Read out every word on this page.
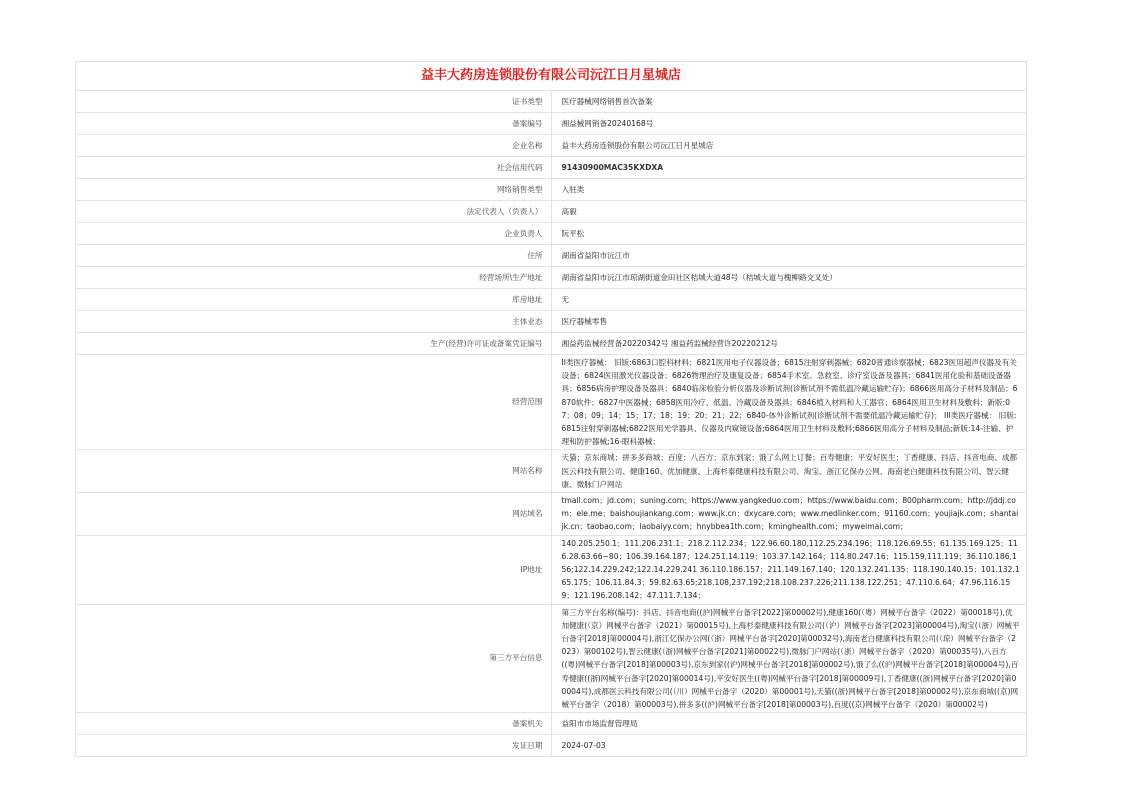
益丰大药房连锁股份有限公司沅江日月星城店	
证书类型	医疗器械网络销售首次备案
备案编号	湘益械网销备20240168号
企业名称	益丰大药房连锁股份有限公司沅江日月星城店
社会信用代码	91430900MAC35KXDXA
网络销售类型	入驻类
法定代表人（负责人）	高毅
企业负责人	阮平松
住所	湖南省益阳市沅江市
经营场所\生产地址	湖南省益阳市沅江市琼湖街道金田社区桔城大道48号（桔城大道与槐柳路交叉处）
库房地址	无
主体业态	医疗器械零售
生产(经营)许可证或备案凭证编号	湘益药监械经营备20220342号 湘益药监械经营许20220212号
经营范围	II类医疗器械： 旧版:6863口腔科材料；6821医用电子仪器设备；6815注射穿刺器械；6820普通诊察器械；6823医用超声仪器及有关设备；6824医用激光仪器设备；6826物理治疗及康复设备；6854手术室、急救室、诊疗室设备及器具；6841医用化验和基础设备器具；6856病房护理设备及器具；6840临床检验分析仪器及诊断试剂(诊断试剂不需低温冷藏运输贮存)；6866医用高分子材料及制品；6870软件；6827中医器械；6858医用冷疗、低温、冷藏设备及器具；6846植入材料和人工器官；6864医用卫生材料及敷料；新版:07；08；09；14；15；17；18；19；20；21；22；6840-体外诊断试剂(诊断试剂不需要低温冷藏运输贮存)； III类医疗器械： 旧版:6815注射穿刺器械;6822医用光学器具、仪器及内窥镜设备;6864医用卫生材料及敷料;6866医用高分子材料及制品;新版:14-注输、护理和防护器械;16-眼科器械；
网站名称	天猫；京东商城；拼多多商城；百度；八百方；京东到家；饿了么网上订餐；百寿健康；平安好医生；丁香健康、抖店、抖音电商、成都医云科技有限公司、健康160、优加健康、上海杉泰健康科技有限公司、淘宝、浙江亿保办公网、海南老白健康科技有限公司、智云健康、微脉门户网站
网站域名	tmall.com；jd.com；suning.com；https://www.yangkeduo.com；https://www.baidu.com；800pharm.com；http://jddj.com；ele.me；baishoujiankang.com；www.jk.cn；dxycare.com；www.medlinker.com；91160.com；youjiajk.com；shantaijk.cn；taobao.com；laobaiyy.com；hnybbea1th.com；kminghealth.com；myweimai.com；
IP地址	140.205.250.1；111.206.231.1；218.2.112.234；122.96.60.180,112.25.234.196；118.126.69.55；61.135.169.125；116.28.63.66~80；106.39.164.187；124.251.14.119；103.37.142.164；114.80.247.16；115.159,111.119；36.110.186,156;122.14.229.242;122.14.229.241 36.110.186.157；211.149.167.140；120.132.241.135；118.190.140.15；101.132.165.175；106.11.84.3；59.82.63.65;218.108,237.192;218.108.237.226;211.138.122.251；47.110.6.64；47.96.116.159；121.196.208.142；47.111.7.134；
第三方平台信息	第三方平台名称(编号)：抖店、抖音电商((沪)网械平台备字[2022]第00002号),健康160(（粤）网械平台备字（2022）第00018号),优加健康(（京）网械平台备字（2021）第00015号),上海杉泰健康科技有限公司(（沪）网械平台备字[2023]第00004号),淘宝(（浙）网械平台备字[2018]第00004号),浙江亿保办公网(（浙）网械平台备字[2020]第00032号),海南老白健康科技有限公司(（琼）网械平台备字（2023）第00102号),智云健康(（浙)网械平台备字[2021]第00022号),微脉门户网站(（浙）网械平台备字（2020）第00035号),八百方((粤)网械平台备字[2018]第00003号),京东到家((沪)网械平台备字[2018]第00002号),饿了么((沪)网械平台备字[2018]第00004号),百寿健康((浙)网械平台备字[2020]第00014号),平安好医生((粤)网械平台备字[2018]第00009号),丁香健康((浙)网械平台备字[2020]第00004号),成都医云科技有限公司(（川）网械平台备字（2020）第00001号),天猫((浙)网械平台备字[2018]第00002号),京东商城((京)网械平台备字（2018）第00003号),拼多多((沪)网械平台备字[2018]第00003号),百度((京)网械平台备字（2020）第00002号)
备案机关	益阳市市场监督管理局
发证日期	2024-07-03
